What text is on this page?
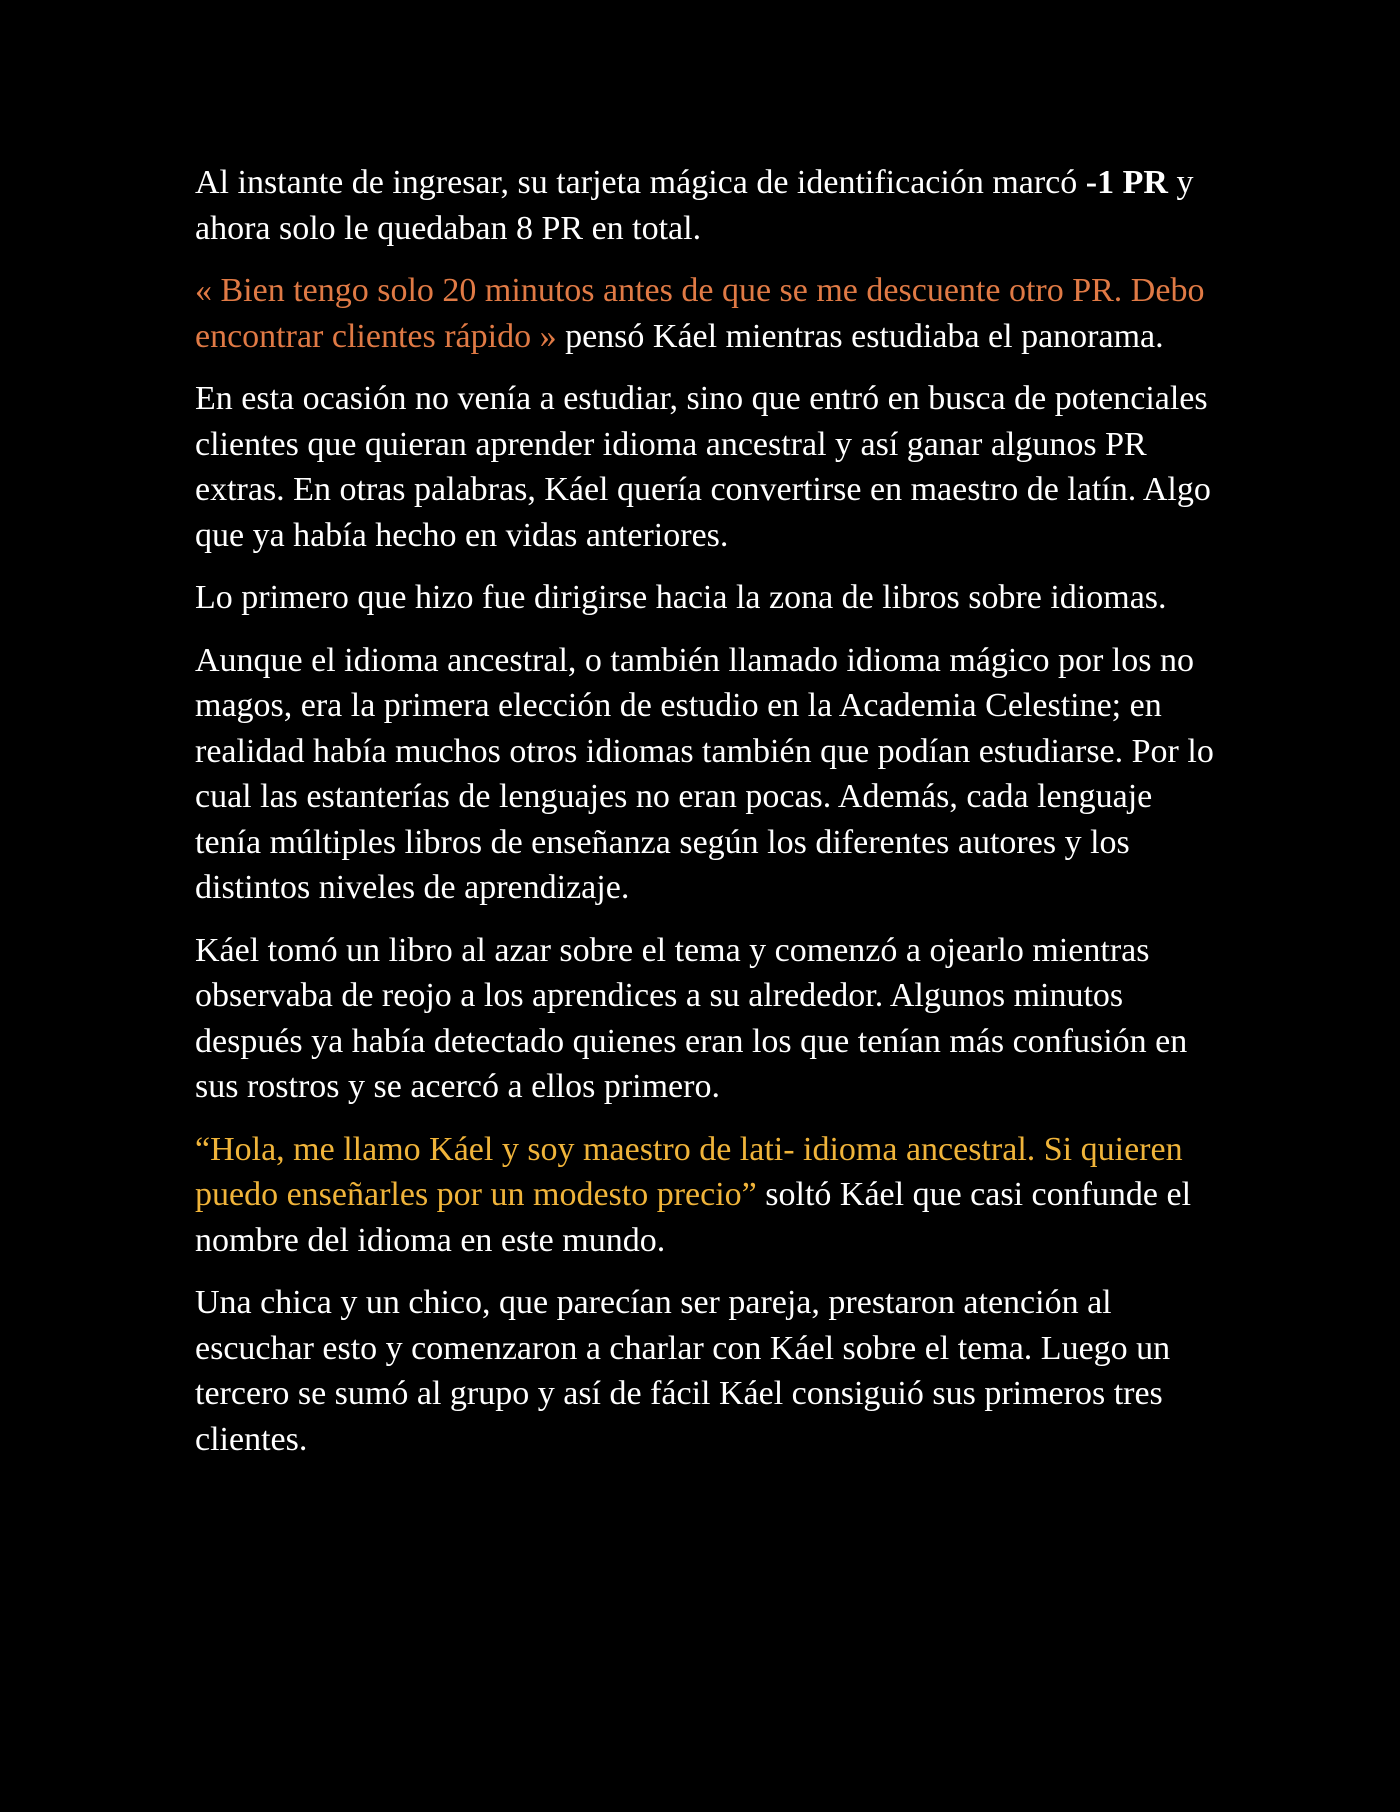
Al instante de ingresar, su tarjeta mágica de identificación marcó -1 PR y ahora solo le quedaban 8 PR en total.

« Bien tengo solo 20 minutos antes de que se me descuente otro PR. Debo encontrar clientes rápido » pensó Káel mientras estudiaba el panorama.

En esta ocasión no venía a estudiar, sino que entró en busca de potenciales clientes que quieran aprender idioma ancestral y así ganar algunos PR extras. En otras palabras, Káel quería convertirse en maestro de latín. Algo que ya había hecho en vidas anteriores.

Lo primero que hizo fue dirigirse hacia la zona de libros sobre idiomas.

Aunque el idioma ancestral, o también llamado idioma mágico por los no magos, era la primera elección de estudio en la Academia Celestine; en realidad había muchos otros idiomas también que podían estudiarse. Por lo cual las estanterías de lenguajes no eran pocas. Además, cada lenguaje tenía múltiples libros de enseñanza según los diferentes autores y los distintos niveles de aprendizaje.

Káel tomó un libro al azar sobre el tema y comenzó a ojearlo mientras observaba de reojo a los aprendices a su alrededor. Algunos minutos después ya había detectado quienes eran los que tenían más confusión en sus rostros y se acercó a ellos primero.

“Hola, me llamo Káel y soy maestro de lati- idioma ancestral. Si quieren puedo enseñarles por un modesto precio” soltó Káel que casi confunde el nombre del idioma en este mundo.

Una chica y un chico, que parecían ser pareja, prestaron atención al escuchar esto y comenzaron a charlar con Káel sobre el tema. Luego un tercero se sumó al grupo y así de fácil Káel consiguió sus primeros tres clientes.
